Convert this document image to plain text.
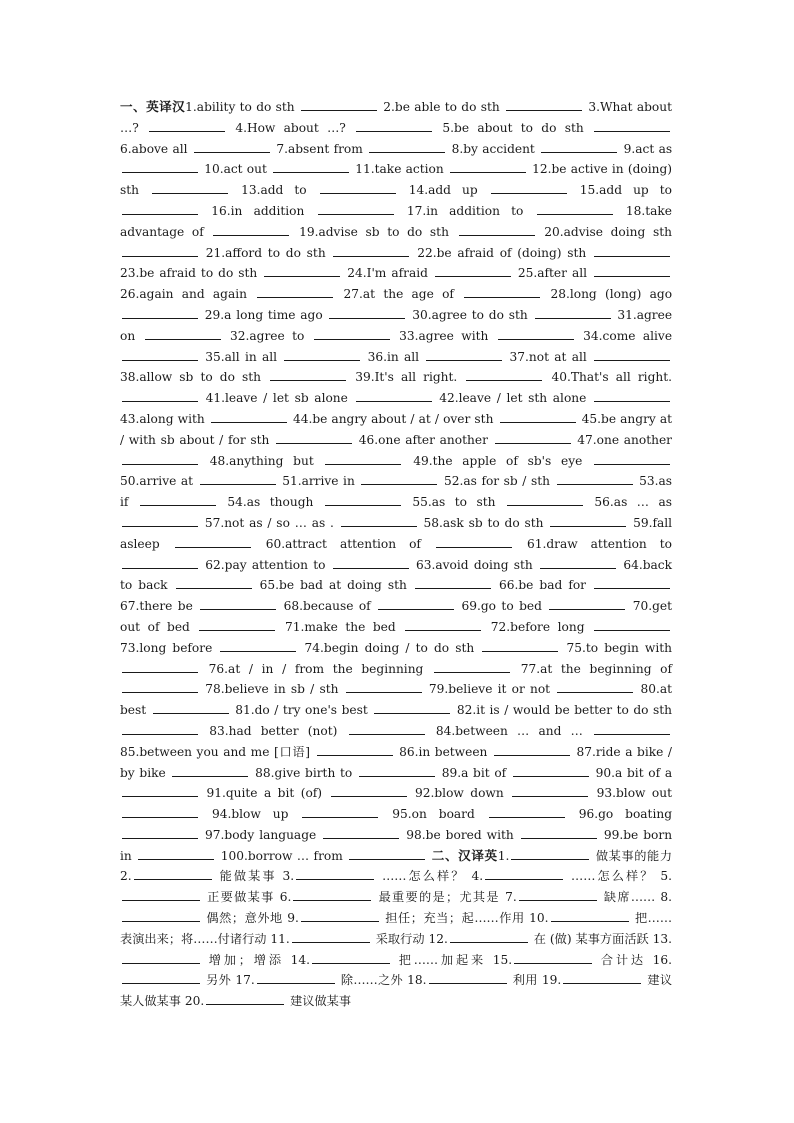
一、英译汉1.ability to do sth	2.be able to do sth	3.What about …?	4.How about …?	5.be about to do sth  6.above all	7.absent from	8.by accident	9.act as  10.act out	11.take action	12.be active in (doing) sth	13.add to	14.add up	15.add up to  16.in addition	17.in addition to	18.take advantage of	19.advise sb to do sth	20.advise doing sth  21.afford to do sth	22.be afraid of (doing) sth  23.be afraid to do sth	24.I'm afraid	25.after all  26.again and again	27.at the age of	28.long (long) ago  29.a long time ago	30.agree to do sth	31.agree on	32.agree to	33.agree with	34.come alive  35.all in all	36.in all	37.not at all  38.allow sb to do sth	39.It's all right.	40.That's all right.  41.leave / let sb alone	42.leave / let sth alone  43.along with	44.be angry about / at / over sth	45.be angry at / with sb about / for sth	46.one after another	47.one another  48.anything but	49.the apple of sb's eye  50.arrive at	51.arrive in	52.as for sb / sth	53.as if	54.as though	55.as to sth	56.as … as  57.not as / so … as .	58.ask sb to do sth	59.fall asleep	60.attract attention of	61.draw attention to  62.pay attention to	63.avoid doing sth	64.back to back	65.be bad at doing sth	66.be bad for  67.there be	68.because of	69.go to bed	70.get out of bed	71.make the bed	72.before long  73.long before	74.begin doing / to do sth	75.to begin with  76.at / in / from the beginning	77.at the beginning of  78.believe in sb / sth	79.believe it or not	80.at best	81.do / try one's best	82.it is / would be better to do sth  83.had better (not)	84.between … and …  85.between you and me [口语]	86.in between	87.ride a bike / by bike	88.give birth to	89.a bit of	90.a bit of a  91.quite a bit (of)	92.blow down	93.blow out  94.blow up	95.on board	96.go boating  97.body language	98.be bored with	99.be born in	100.borrow … from	二、汉译英1.	做某事的能力 2.	能做某事 3.	……怎么样？ 4.	……怎么样？ 5. 正要做某事 6.	最重要的是；尤其是 7.	缺席…… 8. 偶然；意外地 9.	担任；充当；起……作用 10.	把……表演出来；将……付诸行动 11.	采取行动 12.	在 (做) 某事方面活跃 13. 增加；增添 14.	把……加起来 15.	合计达 16. 另外 17.	除……之外 18.	利用 19.	建议某人做某事 20.	建议做某事
